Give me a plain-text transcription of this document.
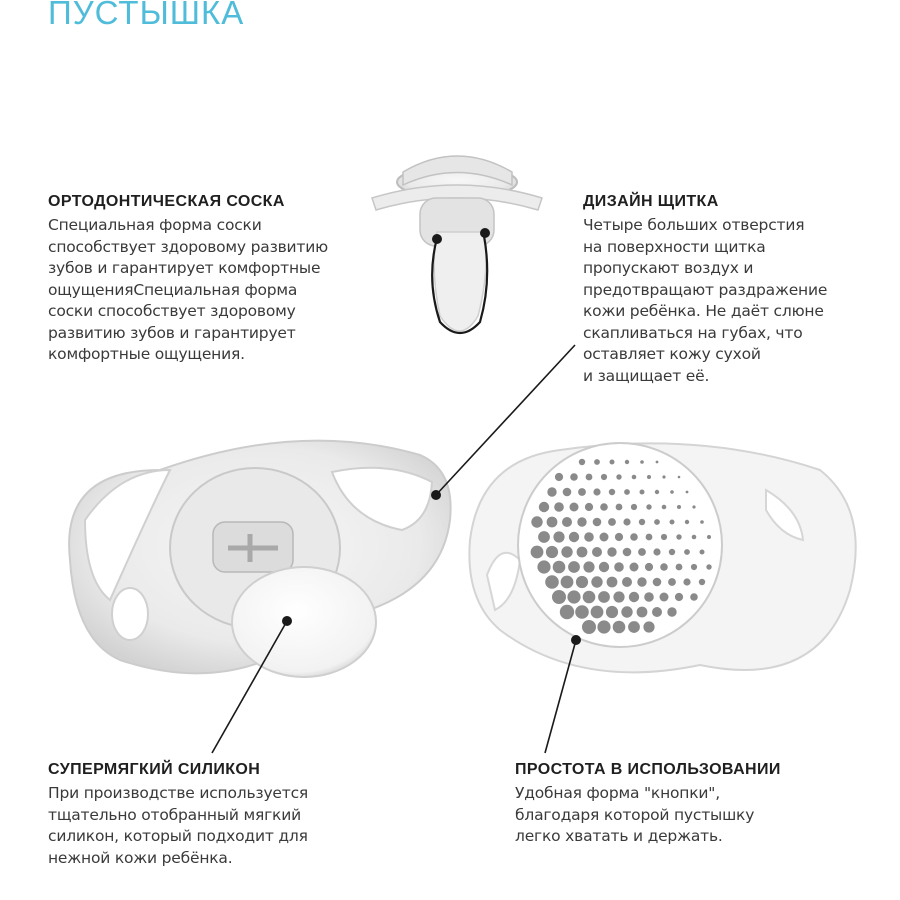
ПУСТЫШКА
ОРТОДОНТИЧЕСКАЯ СОСКА

Специальная форма соски
способствует здоровому развитию
зубов и гарантирует комфортные
ощущенияСпециальная форма
соски способствует здоровому
развитию зубов и гарантирует
комфортные ощущения.

ДИЗАЙН ЩИТКА

Четыре больших отверстия
на поверхности щитка
пропускают воздух и
предотвращают раздражение
кожи ребёнка. Не даёт слюне
скапливаться на губах, что
оставляет кожу сухой
и защищает её.

СУПЕРМЯГКИЙ СИЛИКОН

При производстве используется
тщательно отобранный мягкий
силикон, который подходит для
нежной кожи ребёнка.

ПРОСТОТА В ИСПОЛЬЗОВАНИИ

Удобная форма "кнопки",
благодаря которой пустышку
легко хватать и держать.
